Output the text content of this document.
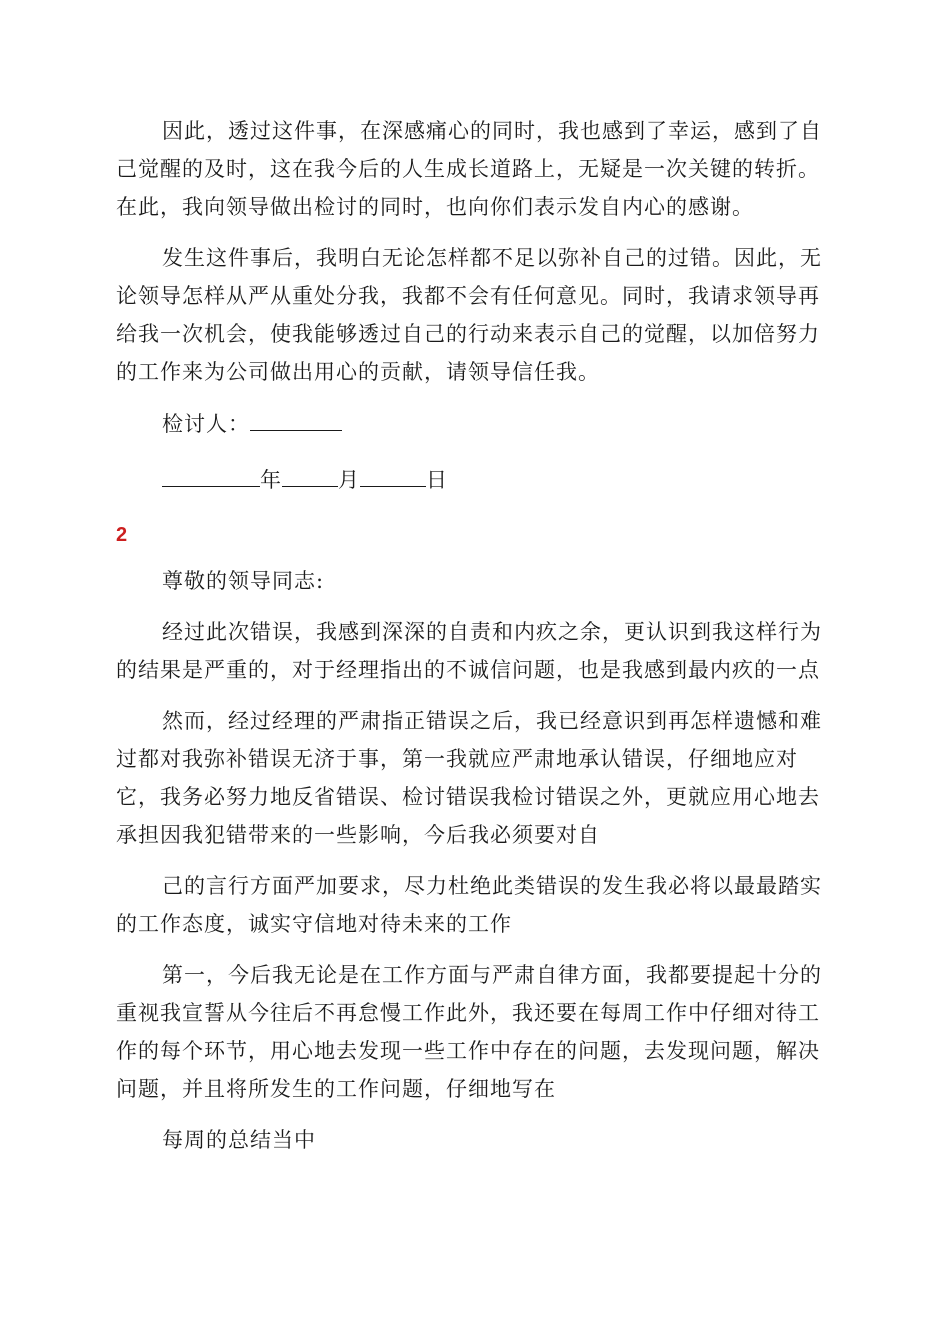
因此，透过这件事，在深感痛心的同时，我也感到了幸运，感到了自
己觉醒的及时，这在我今后的人生成长道路上，无疑是一次关键的转折。
在此，我向领导做出检讨的同时，也向你们表示发自内心的感谢。
发生这件事后，我明白无论怎样都不足以弥补自己的过错。因此，无
论领导怎样从严从重处分我，我都不会有任何意见。同时，我请求领导再
给我一次机会，使我能够透过自己的行动来表示自己的觉醒，以加倍努力
的工作来为公司做出用心的贡献，请领导信任我。
检讨人：
年	月	日
2
尊敬的领导同志:
经过此次错误，我感到深深的自责和内疚之余，更认识到我这样行为
的结果是严重的，对于经理指出的不诚信问题，也是我感到最内疚的一点
然而，经过经理的严肃指正错误之后，我已经意识到再怎样遗憾和难
过都对我弥补错误无济于事，第一我就应严肃地承认错误，仔细地应对
它，我务必努力地反省错误、检讨错误我检讨错误之外，更就应用心地去
承担因我犯错带来的一些影响，今后我必须要对自
己的言行方面严加要求，尽力杜绝此类错误的发生我必将以最最踏实
的工作态度，诚实守信地对待未来的工作
第一，今后我无论是在工作方面与严肃自律方面，我都要提起十分的
重视我宣誓从今往后不再怠慢工作此外，我还要在每周工作中仔细对待工
作的每个环节，用心地去发现一些工作中存在的问题，去发现问题，解决
问题，并且将所发生的工作问题，仔细地写在
每周的总结当中
